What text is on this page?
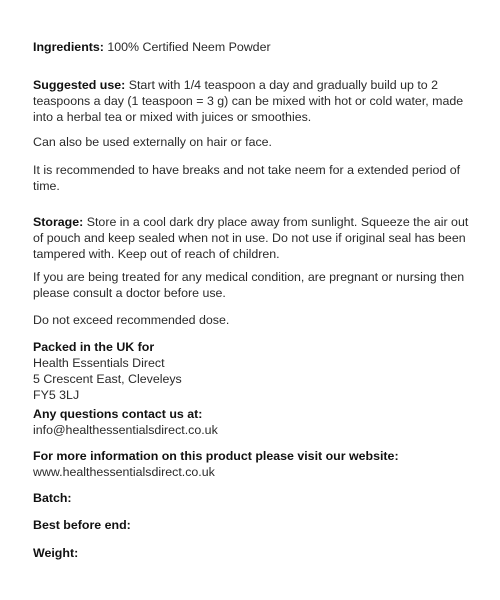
Ingredients: 100% Certified Neem Powder

Suggested use: Start with 1/4 teaspoon a day and gradually build up to 2 teaspoons a day (1 teaspoon = 3 g) can be mixed with hot or cold water, made into a herbal tea or mixed with juices or smoothies.

Can also be used externally on hair or face.

It is recommended to have breaks and not take neem for a extended period of time.

Storage: Store in a cool dark dry place away from sunlight. Squeeze the air out of pouch and keep sealed when not in use. Do not use if original seal has been tampered with. Keep out of reach of children.

If you are being treated for any medical condition, are pregnant or nursing then please consult a doctor before use.

Do not exceed recommended dose.

Packed in the UK for
Health Essentials Direct
5 Crescent East, Cleveleys
FY5 3LJ
Any questions contact us at:
info@healthessentialsdirect.co.uk
For more information on this product please visit our website:
www.healthessentialsdirect.co.uk

Batch:

Best before end:

Weight:
